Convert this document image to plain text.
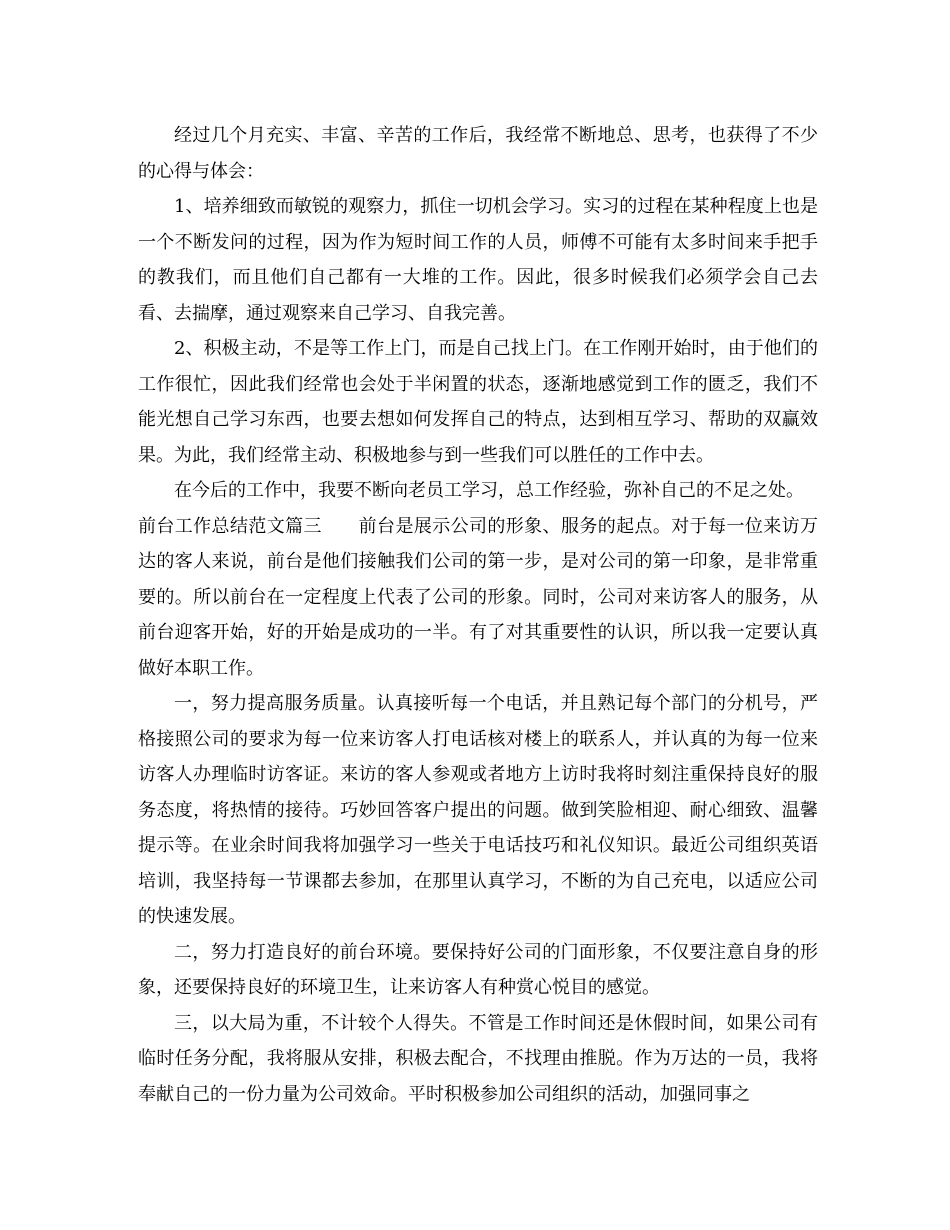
经过几个月充实、丰富、辛苦的工作后，我经常不断地总、思考，也获得了不少的心得与体会：

1、培养细致而敏锐的观察力，抓住一切机会学习。实习的过程在某种程度上也是一个不断发问的过程，因为作为短时间工作的人员，师傅不可能有太多时间来手把手的教我们，而且他们自己都有一大堆的工作。因此，很多时候我们必须学会自己去看、去揣摩，通过观察来自己学习、自我完善。

2、积极主动，不是等工作上门，而是自己找上门。在工作刚开始时，由于他们的工作很忙，因此我们经常也会处于半闲置的状态，逐渐地感觉到工作的匮乏，我们不能光想自己学习东西，也要去想如何发挥自己的特点，达到相互学习、帮助的双赢效果。为此，我们经常主动、积极地参与到一些我们可以胜任的工作中去。

在今后的工作中，我要不断向老员工学习，总工作经验，弥补自己的不足之处。

前台工作总结范文篇三　　前台是展示公司的形象、服务的起点。对于每一位来访万达的客人来说，前台是他们接触我们公司的第一步，是对公司的第一印象，是非常重要的。所以前台在一定程度上代表了公司的形象。同时，公司对来访客人的服务，从前台迎客开始，好的开始是成功的一半。有了对其重要性的认识，所以我一定要认真做好本职工作。

一，努力提高服务质量。认真接听每一个电话，并且熟记每个部门的分机号，严格接照公司的要求为每一位来访客人打电话核对楼上的联系人，并认真的为每一位来访客人办理临时访客证。来访的客人参观或者地方上访时我将时刻注重保持良好的服务态度，将热情的接待。巧妙回答客户提出的问题。做到笑脸相迎、耐心细致、温馨提示等。在业余时间我将加强学习一些关于电话技巧和礼仪知识。最近公司组织英语培训，我坚持每一节课都去参加，在那里认真学习，不断的为自己充电，以适应公司的快速发展。

二，努力打造良好的前台环境。要保持好公司的门面形象，不仅要注意自身的形象，还要保持良好的环境卫生，让来访客人有种赏心悦目的感觉。

三，以大局为重，不计较个人得失。不管是工作时间还是休假时间，如果公司有临时任务分配，我将服从安排，积极去配合，不找理由推脱。作为万达的一员，我将奉献自己的一份力量为公司效命。平时积极参加公司组织的活动，加强同事之
